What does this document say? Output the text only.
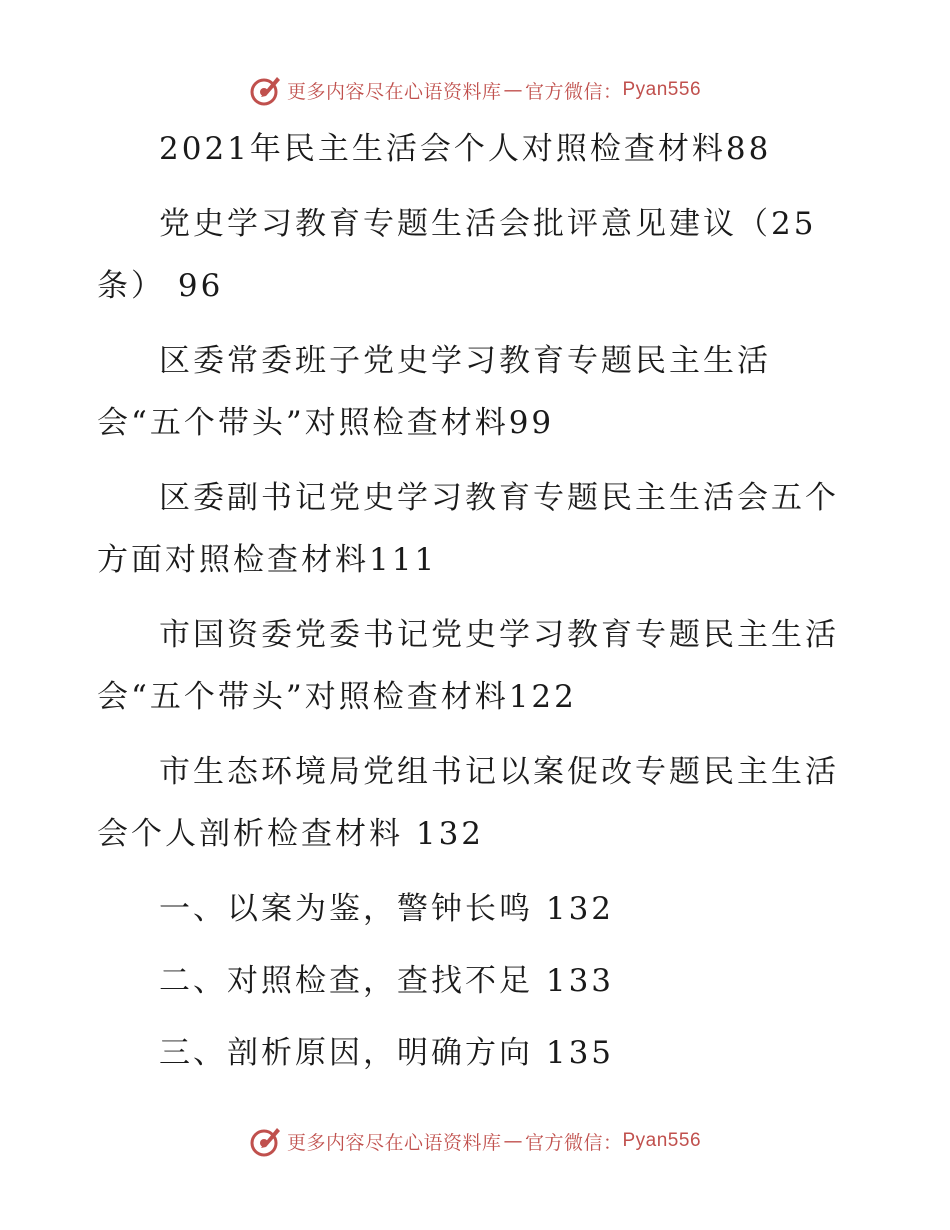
更多内容尽在心语资料库 — 官方微信： Pyan556
2021年民主生活会个人对照检查材料88
党史学习教育专题生活会批评意见建议（25条） 96
区委常委班子党史学习教育专题民主生活会“五个带头”对照检查材料99
区委副书记党史学习教育专题民主生活会五个方面对照检查材料111
市国资委党委书记党史学习教育专题民主生活会“五个带头”对照检查材料122
市生态环境局党组书记以案促改专题民主生活会个人剖析检查材料 132
一、以案为鉴，警钟长鸣 132
二、对照检查，查找不足 133
三、剖析原因，明确方向 135
更多内容尽在心语资料库 — 官方微信： Pyan556
